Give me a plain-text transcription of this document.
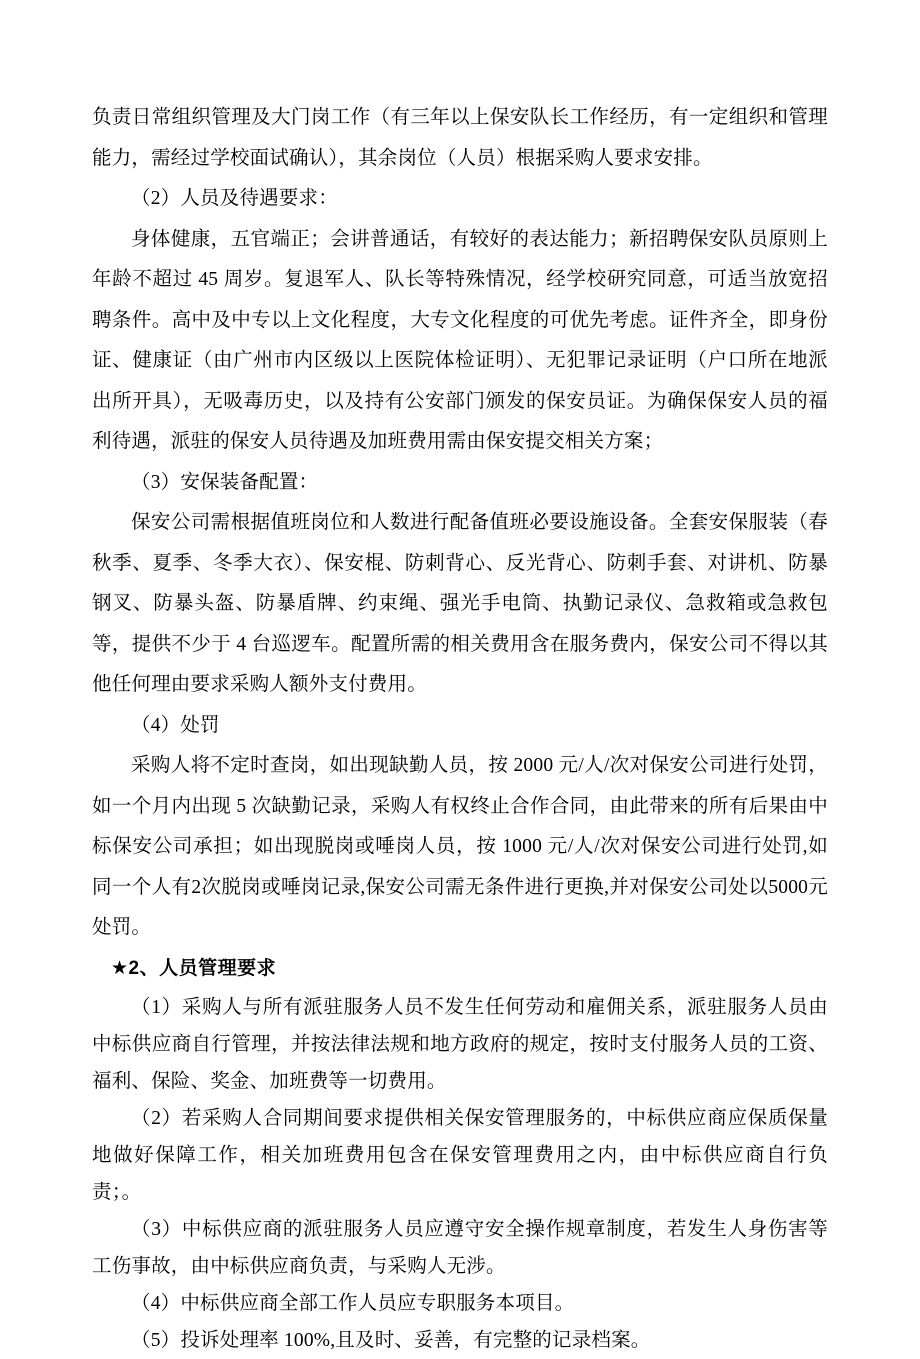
负责日常组织管理及大门岗工作（有三年以上保安队长工作经历，有一定组织和管理能力，需经过学校面试确认），其余岗位（人员）根据采购人要求安排。

（2）人员及待遇要求：

身体健康，五官端正；会讲普通话，有较好的表达能力；新招聘保安队员原则上年龄不超过 45 周岁。复退军人、队长等特殊情况，经学校研究同意，可适当放宽招聘条件。高中及中专以上文化程度，大专文化程度的可优先考虑。证件齐全，即身份证、健康证（由广州市内区级以上医院体检证明）、无犯罪记录证明（户口所在地派出所开具），无吸毒历史，以及持有公安部门颁发的保安员证。为确保保安人员的福利待遇，派驻的保安人员待遇及加班费用需由保安提交相关方案；

（3）安保装备配置：

保安公司需根据值班岗位和人数进行配备值班必要设施设备。全套安保服装（春秋季、夏季、冬季大衣）、保安棍、防刺背心、反光背心、防刺手套、对讲机、防暴钢叉、防暴头盔、防暴盾牌、约束绳、强光手电筒、执勤记录仪、急救箱或急救包等，提供不少于 4 台巡逻车。配置所需的相关费用含在服务费内，保安公司不得以其他任何理由要求采购人额外支付费用。

（4）处罚

采购人将不定时查岗，如出现缺勤人员，按 2000 元/人/次对保安公司进行处罚，如一个月内出现 5 次缺勤记录，采购人有权终止合作合同，由此带来的所有后果由中标保安公司承担；如出现脱岗或唾岗人员，按 1000 元/人/次对保安公司进行处罚,如同一个人有2次脱岗或唾岗记录,保安公司需无条件进行更换,并对保安公司处以5000元处罚。

★2、人员管理要求

（1）采购人与所有派驻服务人员不发生任何劳动和雇佣关系，派驻服务人员由中标供应商自行管理，并按法律法规和地方政府的规定，按时支付服务人员的工资、福利、保险、奖金、加班费等一切费用。

（2）若采购人合同期间要求提供相关保安管理服务的，中标供应商应保质保量地做好保障工作，相关加班费用包含在保安管理费用之内，由中标供应商自行负责；。

（3）中标供应商的派驻服务人员应遵守安全操作规章制度，若发生人身伤害等工伤事故，由中标供应商负责，与采购人无涉。

（4）中标供应商全部工作人员应专职服务本项目。

（5）投诉处理率 100%,且及时、妥善，有完整的记录档案。
